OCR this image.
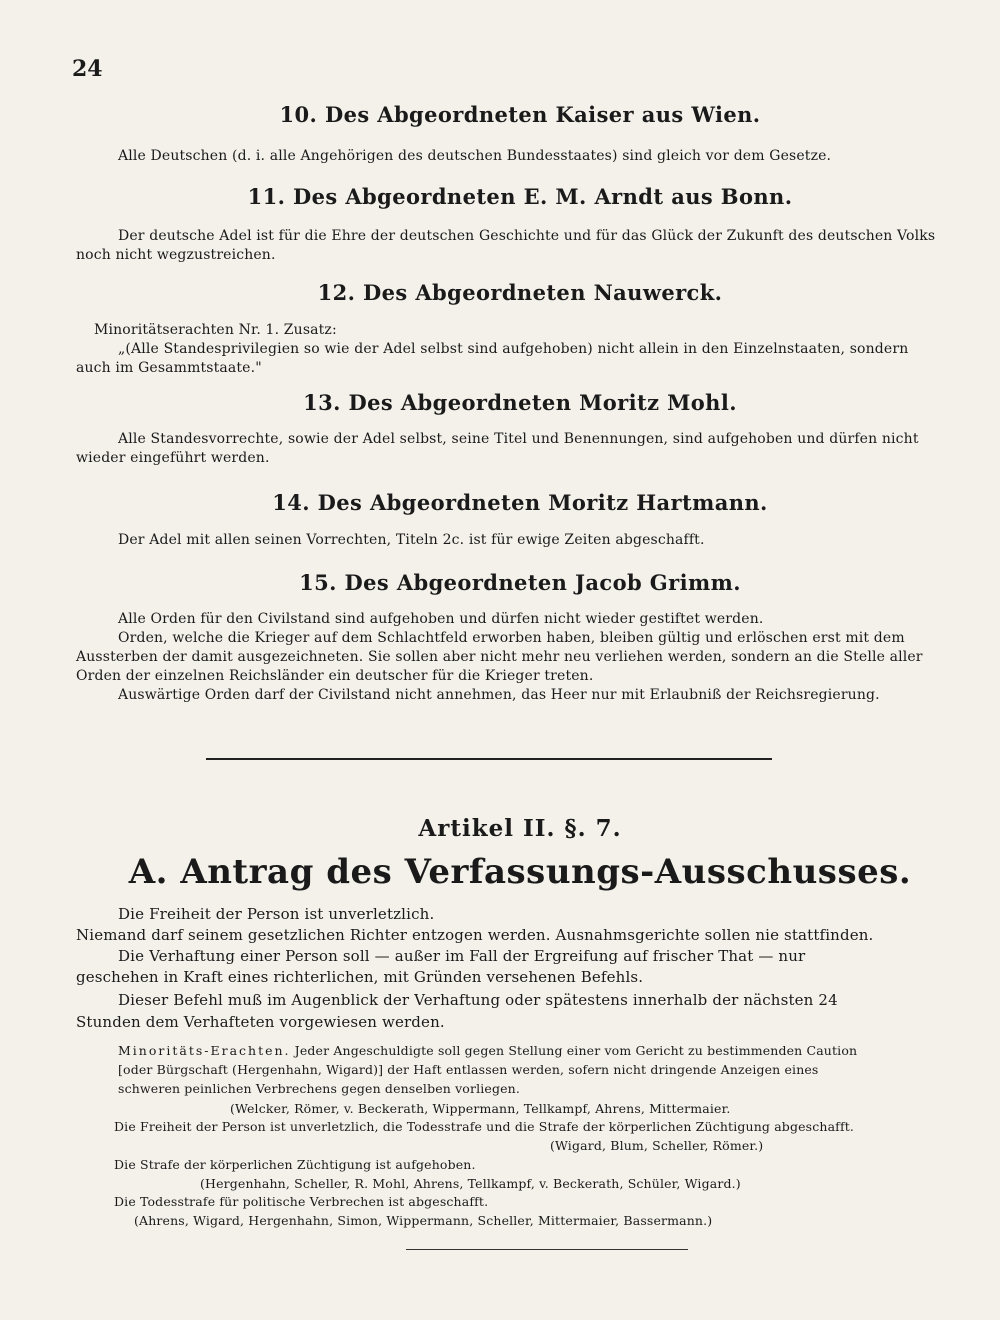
24
10. Des Abgeordneten Kaiser aus Wien.
Alle Deutschen (d. i. alle Angehörigen des deutschen Bundesstaates) sind gleich vor dem Gesetze.
11. Des Abgeordneten E. M. Arndt aus Bonn.
Der deutsche Adel ist für die Ehre der deutschen Geschichte und für das Glück der Zukunft des deutschen Volks
noch nicht wegzustreichen.
12. Des Abgeordneten Nauwerck.
Minoritätserachten Nr. 1. Zusatz:
„(Alle Standesprivilegien so wie der Adel selbst sind aufgehoben) nicht allein in den Einzelnstaaten, sondern
auch im Gesammtstaate."
13. Des Abgeordneten Moritz Mohl.
Alle Standesvorrechte, sowie der Adel selbst, seine Titel und Benennungen, sind aufgehoben und dürfen nicht
wieder eingeführt werden.
14. Des Abgeordneten Moritz Hartmann.
Der Adel mit allen seinen Vorrechten, Titeln 2c. ist für ewige Zeiten abgeschafft.
15. Des Abgeordneten Jacob Grimm.
Alle Orden für den Civilstand sind aufgehoben und dürfen nicht wieder gestiftet werden.
Orden, welche die Krieger auf dem Schlachtfeld erworben haben, bleiben gültig und erlöschen erst mit dem
Aussterben der damit ausgezeichneten. Sie sollen aber nicht mehr neu verliehen werden, sondern an die Stelle aller
Orden der einzelnen Reichsländer ein deutscher für die Krieger treten.
Auswärtige Orden darf der Civilstand nicht annehmen, das Heer nur mit Erlaubniß der Reichsregierung.
Artikel II. §. 7.
A. Antrag des Verfassungs-Ausschusses.
Die Freiheit der Person ist unverletzlich.
Niemand darf seinem gesetzlichen Richter entzogen werden. Ausnahmsgerichte sollen nie stattfinden.
Die Verhaftung einer Person soll — außer im Fall der Ergreifung auf frischer That — nur
geschehen in Kraft eines richterlichen, mit Gründen versehenen Befehls.
Dieser Befehl muß im Augenblick der Verhaftung oder spätestens innerhalb der nächsten 24
Stunden dem Verhafteten vorgewiesen werden.
Minoritäts-Erachten. Jeder Angeschuldigte soll gegen Stellung einer vom Gericht zu bestimmenden Caution
[oder Bürgschaft (Hergenhahn, Wigard)] der Haft entlassen werden, sofern nicht dringende Anzeigen eines
schweren peinlichen Verbrechens gegen denselben vorliegen.
(Welcker, Römer, v. Beckerath, Wippermann, Tellkampf, Ahrens, Mittermaier.
Die Freiheit der Person ist unverletzlich, die Todesstrafe und die Strafe der körperlichen Züchtigung abgeschafft.
(Wigard, Blum, Scheller, Römer.)
Die Strafe der körperlichen Züchtigung ist aufgehoben.
(Hergenhahn, Scheller, R. Mohl, Ahrens, Tellkampf, v. Beckerath, Schüler, Wigard.)
Die Todesstrafe für politische Verbrechen ist abgeschafft.
(Ahrens, Wigard, Hergenhahn, Simon, Wippermann, Scheller, Mittermaier, Bassermann.)
